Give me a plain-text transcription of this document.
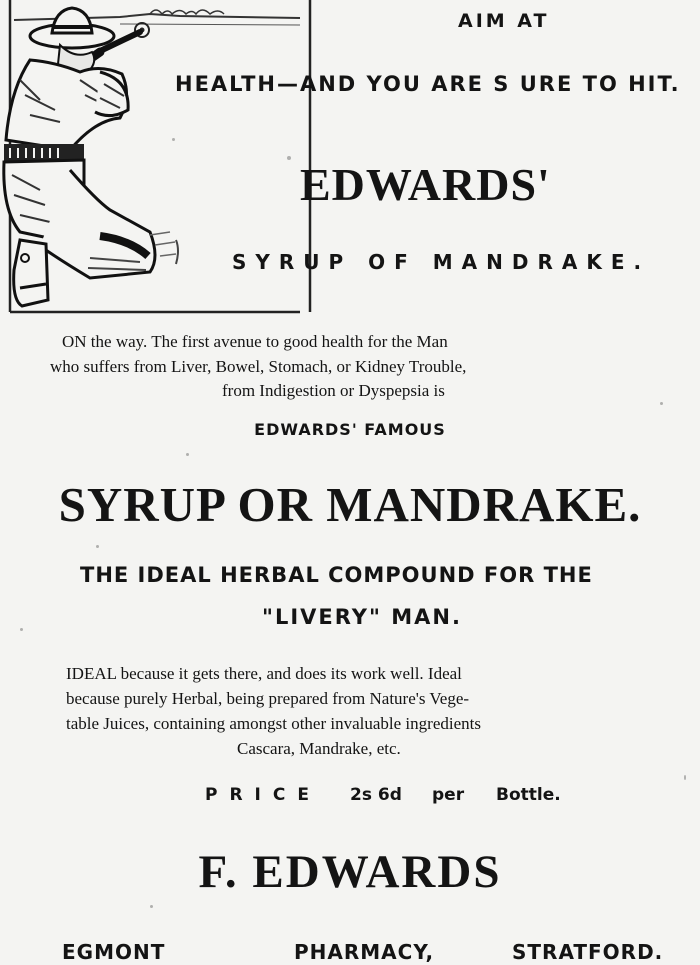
AIM AT
HEALTH—AND YOU ARE S URE TO HIT.
EDWARDS'
SYRUP OF MANDRAKE.
ON the way. The first avenue to good health for the Man
who suffers from Liver, Bowel, Stomach, or Kidney Trouble,
from Indigestion or Dyspepsia is
EDWARDS' FAMOUS
SYRUP OR MANDRAKE.
THE IDEAL HERBAL COMPOUND FOR THE
"LIVERY" MAN.
IDEAL because it gets there, and does its work well. Ideal
because purely Herbal, being prepared from Nature's Vege-
table Juices, containing amongst other invaluable ingredients
Cascara, Mandrake, etc.
PRICE 2s 6d per Bottle.
F. EDWARDS
EGMONT	PHARMACY,	STRATFORD.
